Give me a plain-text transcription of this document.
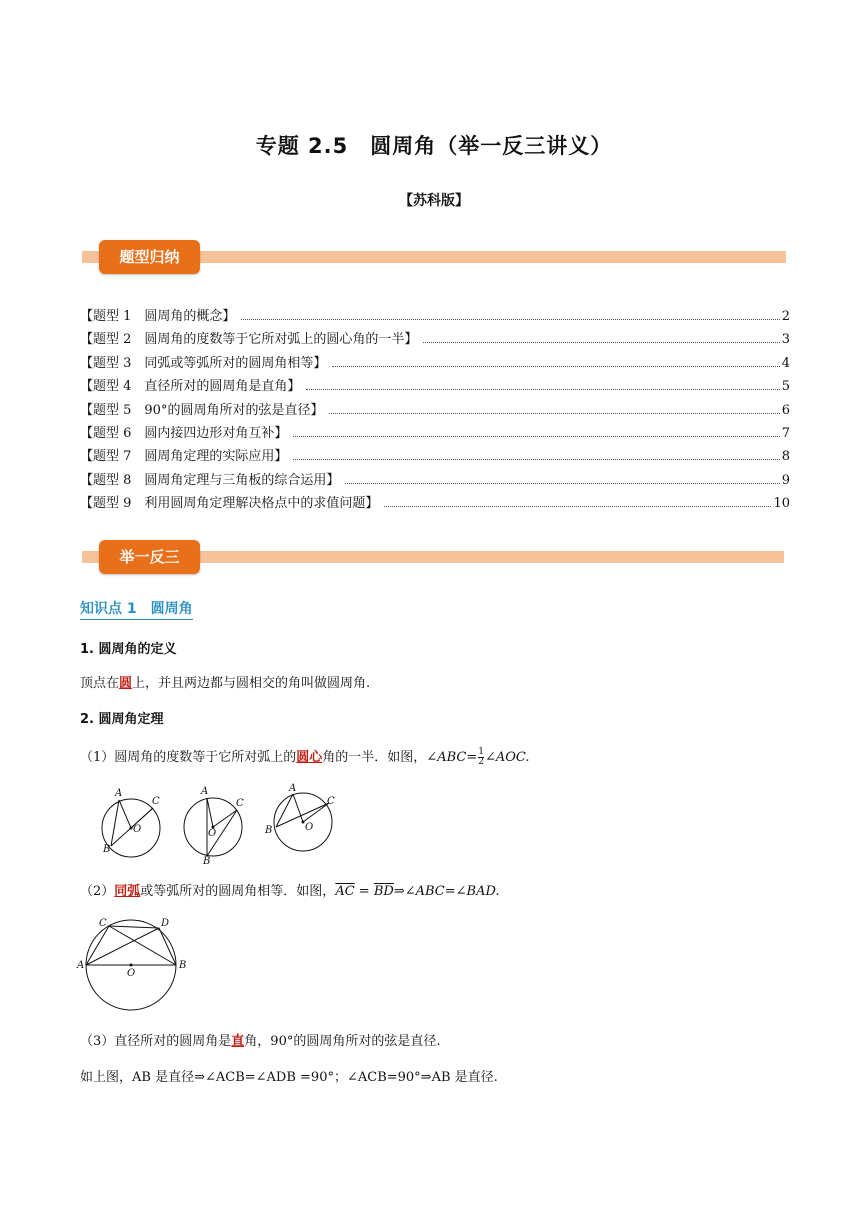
专题 2.5　圆周角（举一反三讲义）
【苏科版】
题型归纳
【题型 1　圆周角的概念】	2
【题型 2　圆周角的度数等于它所对弧上的圆心角的一半】	3
【题型 3　同弧或等弧所对的圆周角相等】	4
【题型 4　直径所对的圆周角是直角】	5
【题型 5　90°的圆周角所对的弦是直径】	6
【题型 6　圆内接四边形对角互补】	7
【题型 7　圆周角定理的实际应用】	8
【题型 8　圆周角定理与三角板的综合运用】	9
【题型 9　利用圆周角定理解决格点中的求值问题】	10
举一反三
知识点 1　圆周角
1. 圆周角的定义
顶点在圆上，并且两边都与圆相交的角叫做圆周角.
2. 圆周角定理
（1）圆周角的度数等于它所对弧上的圆心角的一半．如图，∠ABC= $\frac{1}{2}$ ∠AOC.
A
C
O
B
A
C
O
B
A
C
O
B
（2）同弧或等弧所对的圆周角相等．如图，$\overline{AC}$ = $\overline{BD}\Rightarrow\angle ABC=\angle BAD$.
C	D
A	B
O
（3）直径所对的圆周角是直角，90°的圆周角所对的弦是直径.
如上图，AB 是直径⇒∠ACB=∠ADB =90°；∠ACB=90°⇒AB 是直径.
